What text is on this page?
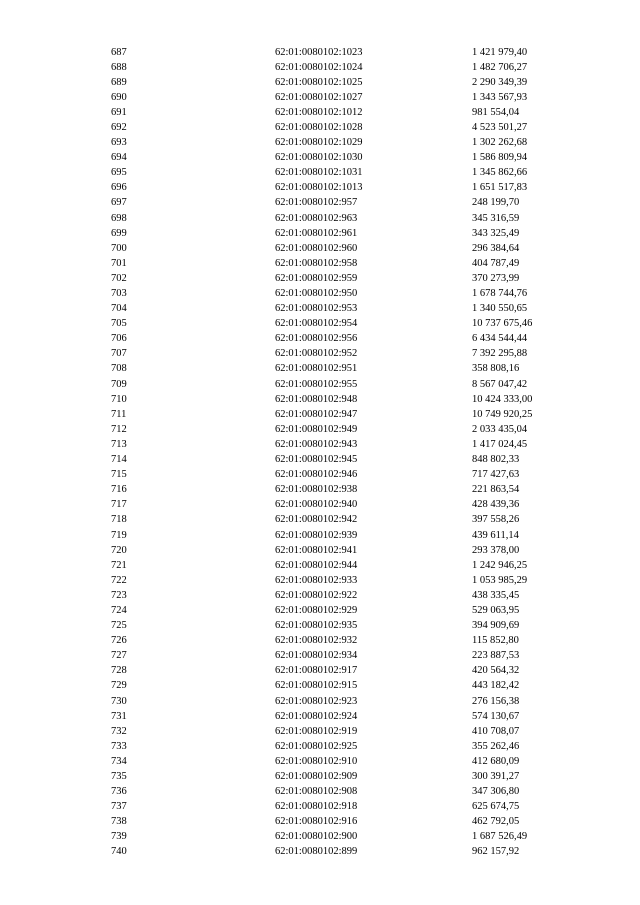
687	62:01:0080102:1023	1 421 979,40
688	62:01:0080102:1024	1 482 706,27
689	62:01:0080102:1025	2 290 349,39
690	62:01:0080102:1027	1 343 567,93
691	62:01:0080102:1012	981 554,04
692	62:01:0080102:1028	4 523 501,27
693	62:01:0080102:1029	1 302 262,68
694	62:01:0080102:1030	1 586 809,94
695	62:01:0080102:1031	1 345 862,66
696	62:01:0080102:1013	1 651 517,83
697	62:01:0080102:957	248 199,70
698	62:01:0080102:963	345 316,59
699	62:01:0080102:961	343 325,49
700	62:01:0080102:960	296 384,64
701	62:01:0080102:958	404 787,49
702	62:01:0080102:959	370 273,99
703	62:01:0080102:950	1 678 744,76
704	62:01:0080102:953	1 340 550,65
705	62:01:0080102:954	10 737 675,46
706	62:01:0080102:956	6 434 544,44
707	62:01:0080102:952	7 392 295,88
708	62:01:0080102:951	358 808,16
709	62:01:0080102:955	8 567 047,42
710	62:01:0080102:948	10 424 333,00
711	62:01:0080102:947	10 749 920,25
712	62:01:0080102:949	2 033 435,04
713	62:01:0080102:943	1 417 024,45
714	62:01:0080102:945	848 802,33
715	62:01:0080102:946	717 427,63
716	62:01:0080102:938	221 863,54
717	62:01:0080102:940	428 439,36
718	62:01:0080102:942	397 558,26
719	62:01:0080102:939	439 611,14
720	62:01:0080102:941	293 378,00
721	62:01:0080102:944	1 242 946,25
722	62:01:0080102:933	1 053 985,29
723	62:01:0080102:922	438 335,45
724	62:01:0080102:929	529 063,95
725	62:01:0080102:935	394 909,69
726	62:01:0080102:932	115 852,80
727	62:01:0080102:934	223 887,53
728	62:01:0080102:917	420 564,32
729	62:01:0080102:915	443 182,42
730	62:01:0080102:923	276 156,38
731	62:01:0080102:924	574 130,67
732	62:01:0080102:919	410 708,07
733	62:01:0080102:925	355 262,46
734	62:01:0080102:910	412 680,09
735	62:01:0080102:909	300 391,27
736	62:01:0080102:908	347 306,80
737	62:01:0080102:918	625 674,75
738	62:01:0080102:916	462 792,05
739	62:01:0080102:900	1 687 526,49
740	62:01:0080102:899	962 157,92
